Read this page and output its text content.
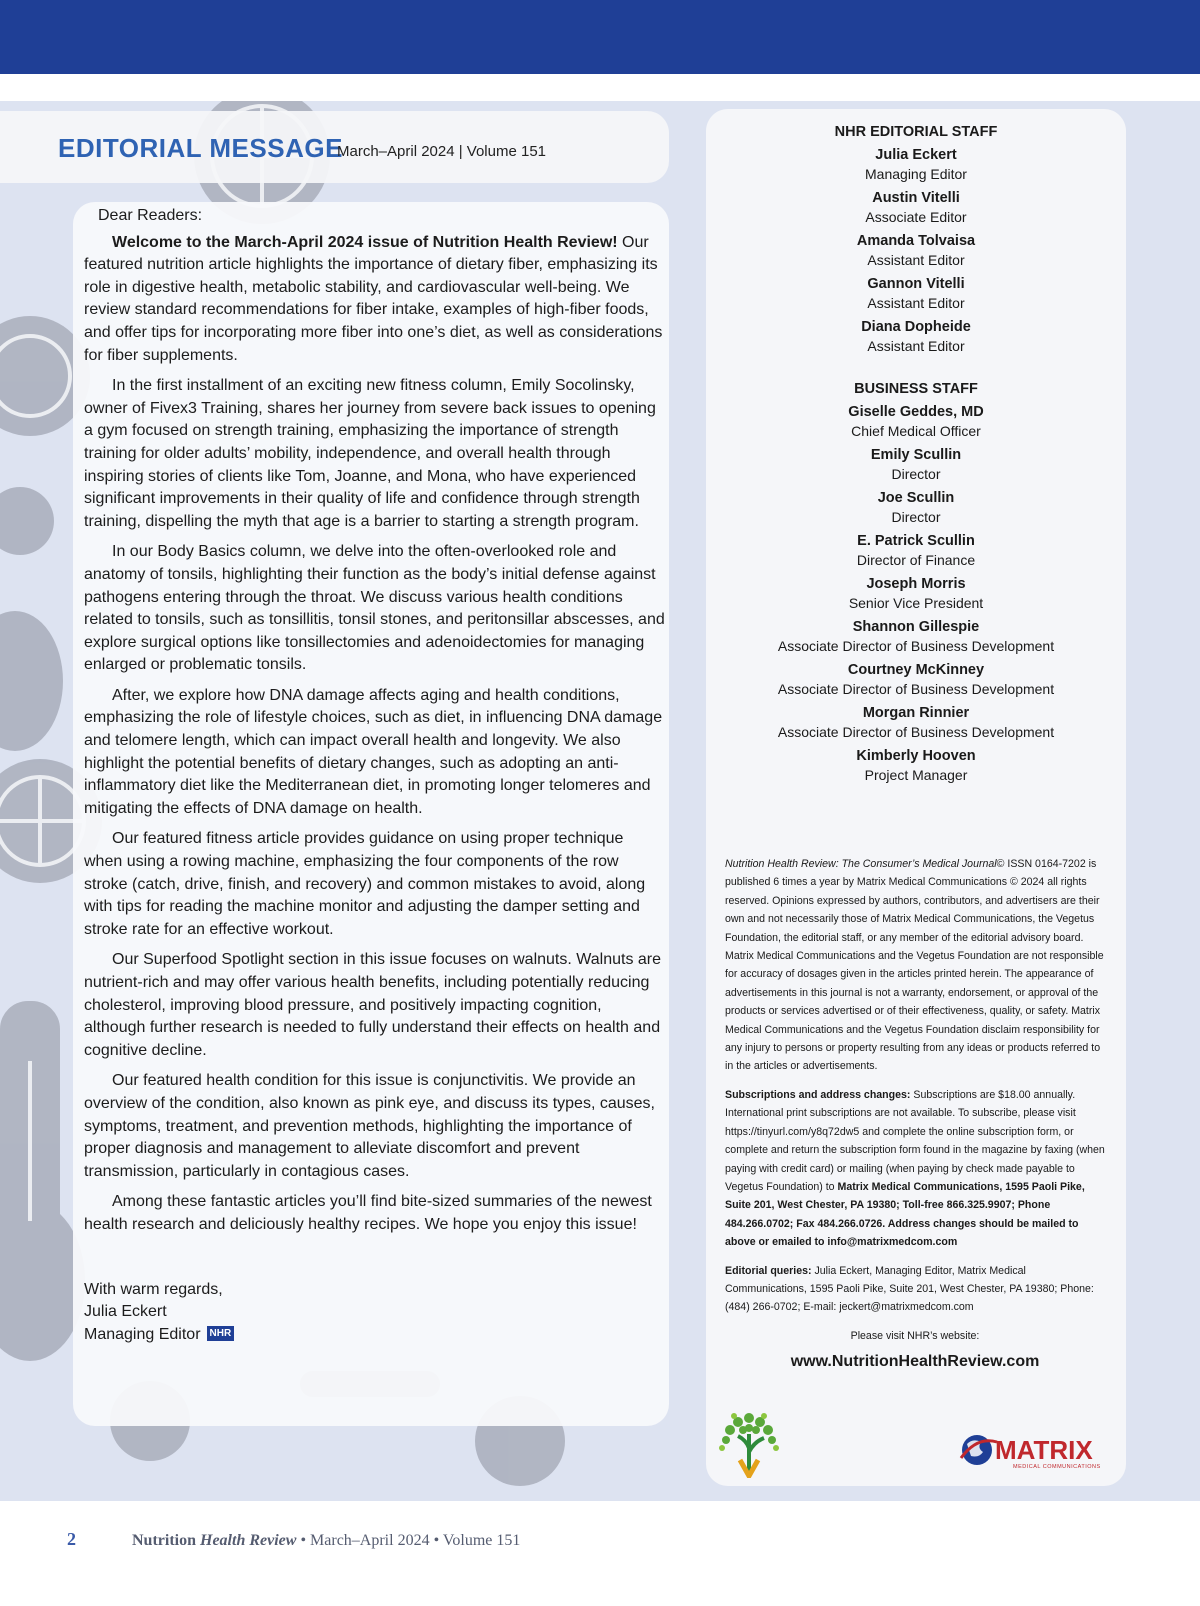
EDITORIAL MESSAGE
March–April 2024 | Volume 151

Dear Readers:

Welcome to the March-April 2024 issue of Nutrition Health Review! Our featured nutrition article highlights the importance of dietary fiber, emphasizing its role in digestive health, metabolic stability, and cardiovascular well-being. We review standard recommendations for fiber intake, examples of high-fiber foods, and offer tips for incorporating more fiber into one’s diet, as well as considerations for fiber supplements.

In the first installment of an exciting new fitness column, Emily Socolinsky, owner of Fivex3 Training, shares her journey from severe back issues to opening a gym focused on strength training, emphasizing the importance of strength training for older adults’ mobility, independence, and overall health through inspiring stories of clients like Tom, Joanne, and Mona, who have experienced significant improvements in their quality of life and confidence through strength training, dispelling the myth that age is a barrier to starting a strength program.

In our Body Basics column, we delve into the often-overlooked role and anatomy of tonsils, highlighting their function as the body’s initial defense against pathogens entering through the throat. We discuss various health conditions related to tonsils, such as tonsillitis, tonsil stones, and peritonsillar abscesses, and explore surgical options like tonsillectomies and adenoidectomies for managing enlarged or problematic tonsils.

After, we explore how DNA damage affects aging and health conditions, emphasizing the role of lifestyle choices, such as diet, in influencing DNA damage and telomere length, which can impact overall health and longevity. We also highlight the potential benefits of dietary changes, such as adopting an anti-inflammatory diet like the Mediterranean diet, in promoting longer telomeres and mitigating the effects of DNA damage on health.

Our featured fitness article provides guidance on using proper technique when using a rowing machine, emphasizing the four components of the row stroke (catch, drive, finish, and recovery) and common mistakes to avoid, along with tips for reading the machine monitor and adjusting the damper setting and stroke rate for an effective workout.

Our Superfood Spotlight section in this issue focuses on walnuts. Walnuts are nutrient-rich and may offer various health benefits, including potentially reducing cholesterol, improving blood pressure, and positively impacting cognition, although further research is needed to fully understand their effects on health and cognitive decline.

Our featured health condition for this issue is conjunctivitis. We provide an overview of the condition, also known as pink eye, and discuss its types, causes, symptoms, treatment, and prevention methods, highlighting the importance of proper diagnosis and management to alleviate discomfort and prevent transmission, particularly in contagious cases.

Among these fantastic articles you’ll find bite-sized summaries of the newest health research and deliciously healthy recipes. We hope you enjoy this issue!

With warm regards,
Julia Eckert
Managing Editor NHR
NHR EDITORIAL STAFF
Julia Eckert
Managing Editor
Austin Vitelli
Associate Editor
Amanda Tolvaisa
Assistant Editor
Gannon Vitelli
Assistant Editor
Diana Dopheide
Assistant Editor
BUSINESS STAFF
Giselle Geddes, MD
Chief Medical Officer
Emily Scullin
Director
Joe Scullin
Director
E. Patrick Scullin
Director of Finance
Joseph Morris
Senior Vice President
Shannon Gillespie
Associate Director of Business Development
Courtney McKinney
Associate Director of Business Development
Morgan Rinnier
Associate Director of Business Development
Kimberly Hooven
Project Manager

Nutrition Health Review: The Consumer’s Medical Journal© ISSN 0164-7202 is published 6 times a year by Matrix Medical Communications © 2024 all rights reserved. Opinions expressed by authors, contributors, and advertisers are their own and not necessarily those of Matrix Medical Communications, the Vegetus Foundation, the editorial staff, or any member of the editorial advisory board. Matrix Medical Communications and the Vegetus Foundation are not responsible for accuracy of dosages given in the articles printed herein. The appearance of advertisements in this journal is not a warranty, endorsement, or approval of the products or services advertised or of their effectiveness, quality, or safety. Matrix Medical Communications and the Vegetus Foundation disclaim responsibility for any injury to persons or property resulting from any ideas or products referred to in the articles or advertisements.

Subscriptions and address changes: Subscriptions are $18.00 annually. International print subscriptions are not available. To subscribe, please visit https://tinyurl.com/y8q72dw5 and complete the online subscription form, or complete and return the subscription form found in the magazine by faxing (when paying with credit card) or mailing (when paying by check made payable to Vegetus Foundation) to Matrix Medical Communications, 1595 Paoli Pike, Suite 201, West Chester, PA 19380; Toll-free 866.325.9907; Phone 484.266.0702; Fax 484.266.0726. Address changes should be mailed to above or emailed to info@matrixmedcom.com

Editorial queries: Julia Eckert, Managing Editor, Matrix Medical Communications, 1595 Paoli Pike, Suite 201, West Chester, PA 19380; Phone: (484) 266-0702; E-mail: jeckert@matrixmedcom.com

Please visit NHR’s website:

www.NutritionHealthReview.com

MATRIX
MEDICAL COMMUNICATIONS
2	Nutrition Health Review • March–April 2024 • Volume 151
